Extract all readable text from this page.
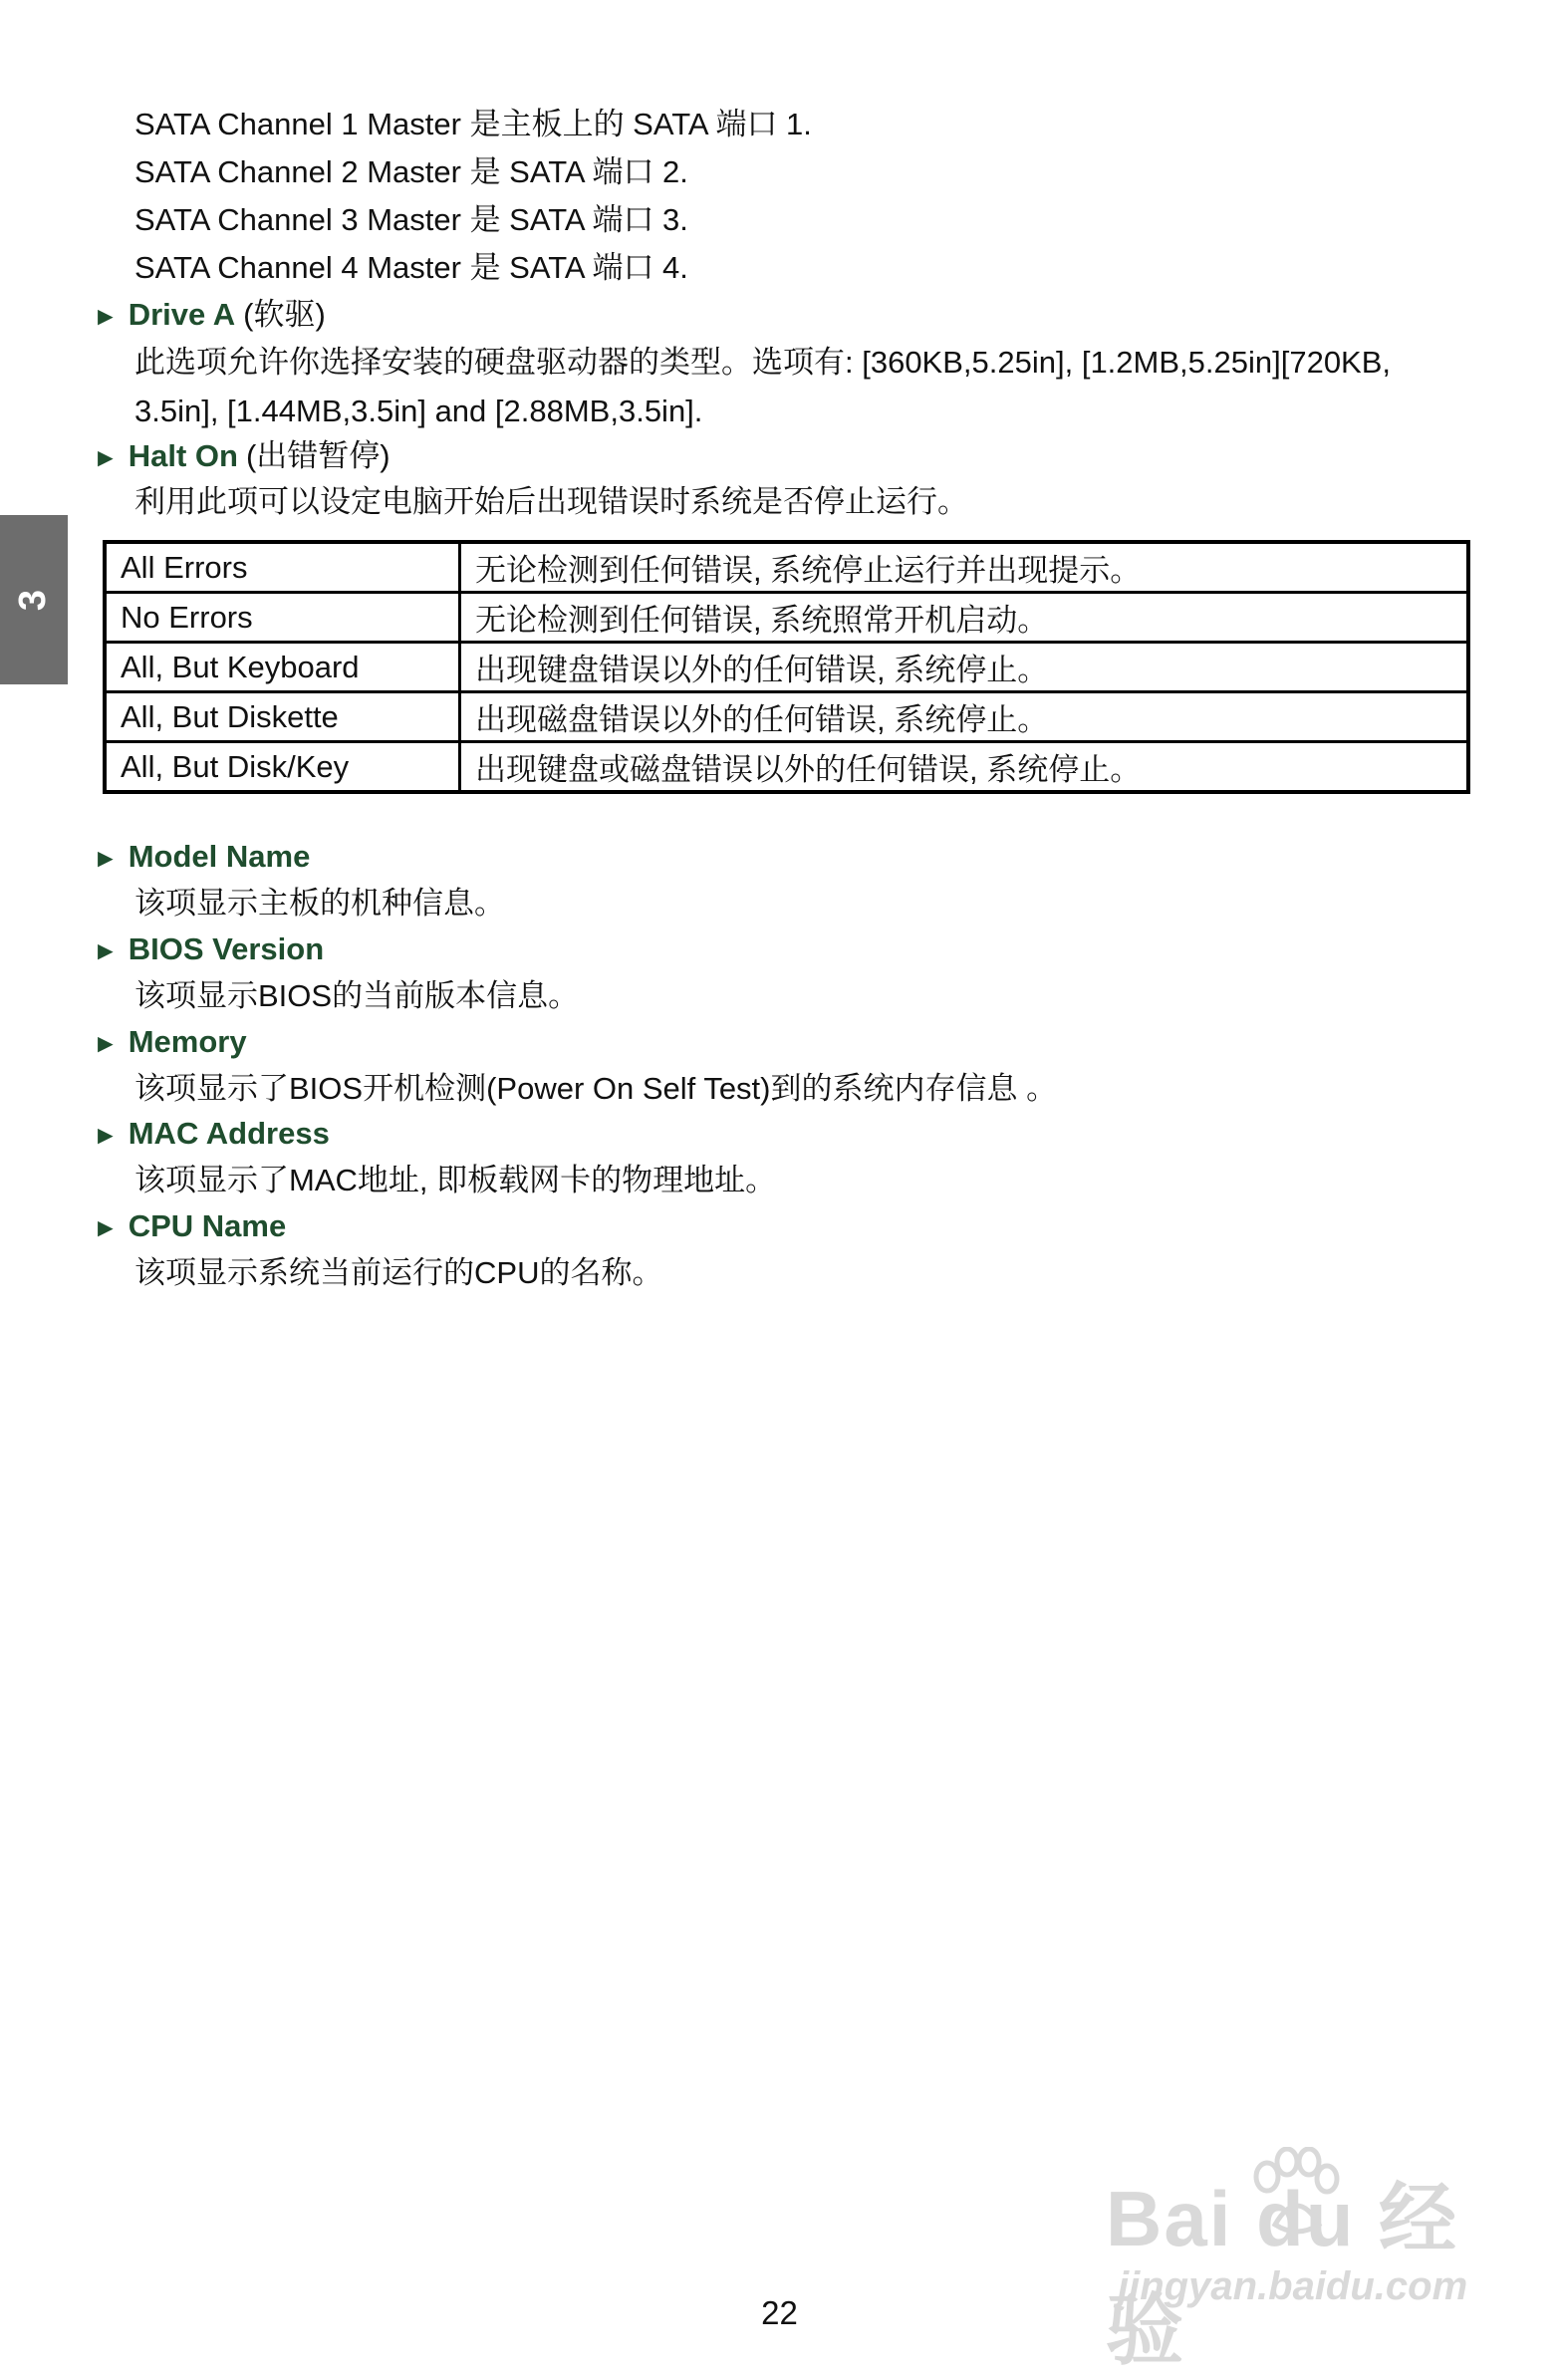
SATA Channel 1 Master 是主板上的 SATA 端口 1.
SATA Channel 2 Master 是 SATA 端口 2.
SATA Channel 3 Master 是 SATA 端口 3.
SATA Channel 4 Master 是 SATA 端口 4.
► Drive A (软驱)
此选项允许你选择安装的硬盘驱动器的类型。选项有: [360KB,5.25in], [1.2MB,5.25in][720KB,
3.5in], [1.44MB,3.5in] and [2.88MB,3.5in].
► Halt On (出错暂停)
利用此项可以设定电脑开始后出现错误时系统是否停止运行。
3
All Errors	无论检测到任何错误, 系统停止运行并出现提示。
No Errors	无论检测到任何错误, 系统照常开机启动。
All, But Keyboard	出现键盘错误以外的任何错误, 系统停止。
All, But Diskette	出现磁盘错误以外的任何错误, 系统停止。
All, But Disk/Key	出现键盘或磁盘错误以外的任何错误, 系统停止。
► Model Name
该项显示主板的机种信息。
► BIOS Version
该项显示BIOS的当前版本信息。
► Memory
该项显示了BIOS开机检测(Power On Self Test)到的系统内存信息 。
► MAC Address
该项显示了MAC地址, 即板载网卡的物理地址。
► CPU Name
该项显示系统当前运行的CPU的名称。
Bai du 经验
jingyan.baidu.com
22
